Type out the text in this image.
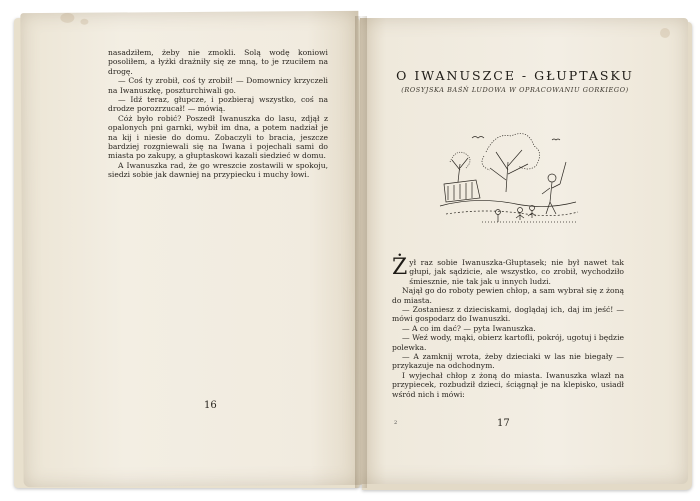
nasadziłem, żeby nie zmokli. Solą wodę koniowi posoliłem, a łyżki drażniły się ze mną, to je rzuciłem na drogę.

— Coś ty zrobił, coś ty zrobił! — Domownicy krzyczeli na Iwanuszkę, poszturchiwali go.

— Idź teraz, głupcze, i pozbieraj wszystko, coś na drodze porozrzucał! — mówią.

Cóż było robić? Poszedł Iwanuszka do lasu, zdjął z opalonych pni garnki, wybił im dna, a potem nadział je na kij i niesie do domu. Zobaczyli to bracia, jeszcze bardziej rozgniewali się na Iwana i pojechali sami do miasta po zakupy, a głuptaskowi kazali siedzieć w domu.

A Iwanuszka rad, że go wreszcie zostawili w spokoju, siedzi sobie jak dawniej na przypiecku i muchy łowi.

16
O IWANUSZCE - GŁUPTASKU
(ROSYJSKA BAŚŃ LUDOWA W OPRACOWANIU GORKIEGO)

Żył raz sobie Iwanuszka-Głuptasek; nie był nawet tak głupi, jak sądzicie, ale wszystko, co zrobił, wychodziło śmiesznie, nie tak jak u innych ludzi.

Najął go do roboty pewien chłop, a sam wybrał się z żoną do miasta.

— Zostaniesz z dzieciskami, doglądaj ich, daj im jeść! — mówi gospodarz do Iwanuszki.

— A co im dać? — pyta Iwanuszka.

— Weź wody, mąki, obierz kartofli, pokrój, ugotuj i będzie polewka.

— A zamknij wrota, żeby dzieciaki w las nie biegały — przykazuje na odchodnym.

I wyjechał chłop z żoną do miasta. Iwanuszka wlazł na przypiecek, rozbudził dzieci, ściągnął je na klepisko, usiadł wśród nich i mówi:

2	17
